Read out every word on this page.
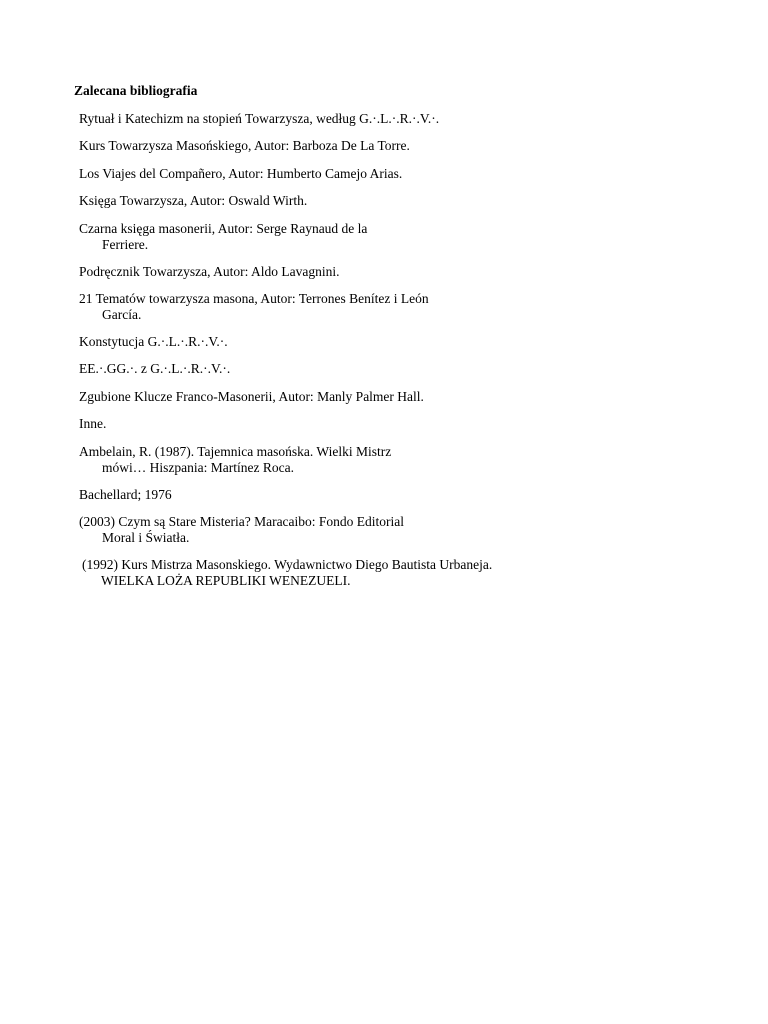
Zalecana bibliografia
Rytuał i Katechizm na stopień Towarzysza, według G.·.L.·.R.·.V.·.
Kurs Towarzysza Masońskiego, Autor: Barboza De La Torre.
Los Viajes del Compañero, Autor: Humberto Camejo Arias.
Księga Towarzysza, Autor: Oswald Wirth.
Czarna księga masonerii, Autor: Serge Raynaud de la
Ferriere.
Podręcznik Towarzysza, Autor: Aldo Lavagnini.
21 Tematów towarzysza masona, Autor: Terrones Benítez i León
García.
Konstytucja G.·.L.·.R.·.V.·.
EE.·.GG.·. z G.·.L.·.R.·.V.·.
Zgubione Klucze Franco-Masonerii, Autor: Manly Palmer Hall.
Inne.
Ambelain, R. (1987). Tajemnica masońska. Wielki Mistrz
mówi… Hiszpania: Martínez Roca.
Bachellard; 1976
(2003) Czym są Stare Misteria? Maracaibo: Fondo Editorial
Moral i Światła.
(1992) Kurs Mistrza Masonskiego. Wydawnictwo Diego Bautista Urbaneja.
WIELKA LOŻA REPUBLIKI WENEZUELI.
